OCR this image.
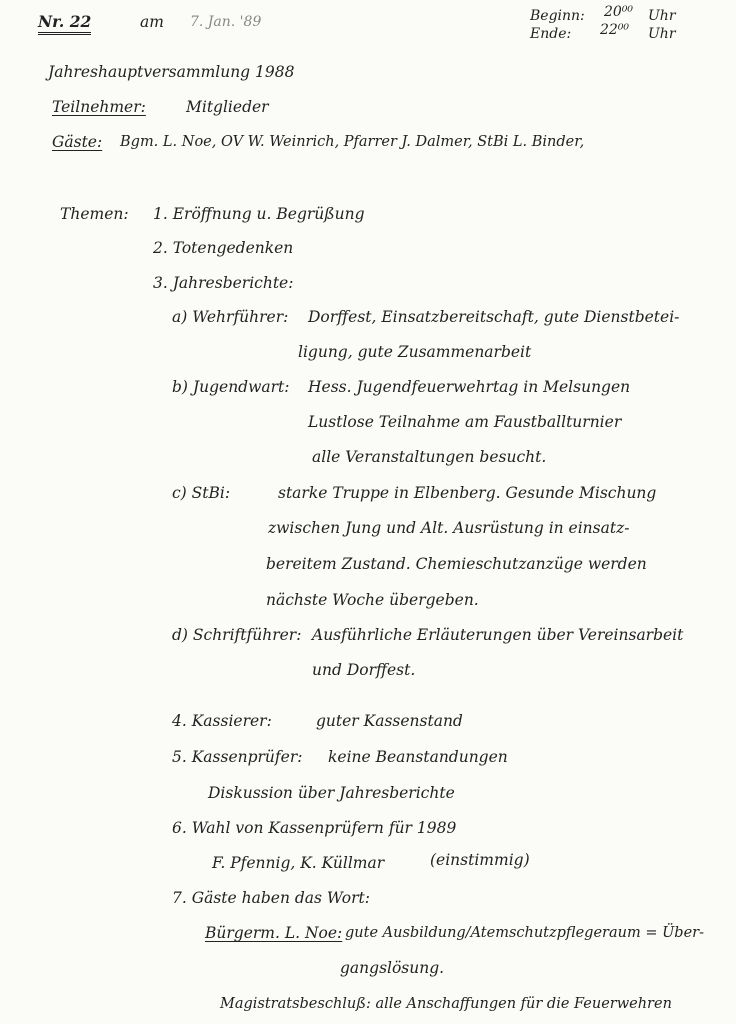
Nr. 22	am 7. Jan. '89	Beginn: 20⁰⁰ Uhr
Ende: 22⁰⁰ Uhr
Jahreshauptversammlung 1988
Teilnehmer:	Mitglieder
Gäste: Bgm. L. Noe, OV W. Weinrich, Pfarrer J. Dalmer, StBi L. Binder,
Themen: 1. Eröffnung u. Begrüßung
2. Totengedenken
3. Jahresberichte:
a) Wehrführer: Dorffest, Einsatzbereitschaft, gute Dienstbetei-
ligung, gute Zusammenarbeit
b) Jugendwart: Hess. Jugendfeuerwehrtag in Melsungen
Lustlose Teilnahme am Faustballturnier
alle Veranstaltungen besucht.
c) StBi:	starke Truppe in Elbenberg. Gesunde Mischung
zwischen Jung und Alt. Ausrüstung in einsatz-
bereitem Zustand. Chemieschutzanzüge werden
nächste Woche übergeben.
d) Schriftführer: Ausführliche Erläuterungen über Vereinsarbeit
und Dorffest.
4. Kassierer:	guter Kassenstand
5. Kassenprüfer: keine Beanstandungen
Diskussion über Jahresberichte
6. Wahl von Kassenprüfern für 1989
F. Pfennig, K. Küllmar	(einstimmig)
7. Gäste haben das Wort:
Bürgerm. L. Noe: gute Ausbildung/Atemschutzpflegeraum = Über-
gangslösung.
Magistratsbeschluß: alle Anschaffungen für die Feuerwehren
